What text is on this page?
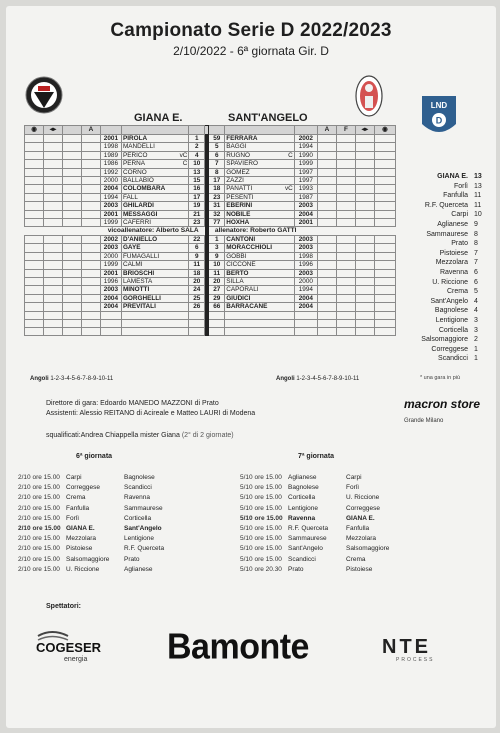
Campionato Serie D 2022/2023
2/10/2022 - 6ª giornata Gir. D
LND
D
GIANA E.	SANT'ANGELO
◉	◂▸		A								A	F	◂▸	◉
				2001	PIROLA	1		59	FERRARA	2002				
				1998	MANDELLI	2		5	BAGGI	1994				
				1989	PERICO vC	4		6	RUGNO C	1990				
				1986	PERNA C	10		7	SPAVIERO	1999				
				1992	CORNO	13		8	GOMEZ	1997				
				2000	BALLABIO	15		17	ZAZZI	1997				
				2004	COLOMBARA	16		18	PANATTI vC	1993				
				1994	FALL	17		23	PESENTI	1987				
				2003	GHILARDI	19		31	EBERINI	2003				
				2001	MESSAGGI	21		32	NOBILE	2004				
				1999	CAFERRI	23		77	HOXHA	2001				
vicoallenatore: Alberto SALA								allenatore: Roberto GATTI						
				2002	D'ANIELLO	22		1	CANTONI	2003				
				2003	GAYE	6		3	MORACCHIOLI	2003				
				2000	FUMAGALLI	9		9	GOBBI	1998				
				1999	CALMI	11		10	CICCONE	1996				
				2001	BRIOSCHI	18		11	BERTO	2003				
				1996	LAMESTA	20		20	SILLA	2000				
				2003	MINOTTI	24		27	CAPORALI	1994				
				2004	GORGHELLI	25		29	GIUDICI	2004				
				2004	PREVITALI	26		66	BARRACANE	2004				

GIANA E. 13
Forlì 13
Fanfulla 11
R.F. Querceta 11
Carpi 10
Aglianese 9
Sammaurese 8
Prato 8
Pistoiese 7
Mezzolara 7
Ravenna 6
U. Riccione 6
Crema 5
Sant'Angelo 4
Bagnolese 4
Lentigione 3
Corticella 3
Salsomaggiore 2
Correggese 1
Scandicci 1
* una gara in più
Angoli 1-2-3-4-5-6-7-8-9-10-11	Angoli 1-2-3-4-5-6-7-8-9-10-11
Direttore di gara: Edoardo MANEDO MAZZONI di Prato
Assistenti: Alessio REITANO di Acireale e Matteo LAURI di Modena
macron store Grande Milano
squalificati:Andrea Chiappella mister Giana (2° di 2 giornate)
6ª giornata	7ª giornata
2/10 ore 15.00 Carpi	Bagnolese
2/10 ore 15.00 Correggese	Scandicci
2/10 ore 15.00 Crema	Ravenna
2/10 ore 15.00 Fanfulla	Sammaurese
2/10 ore 15.00 Forlì	Corticella
2/10 ore 15.00 GIANA E.	Sant'Angelo
2/10 ore 15.00 Mezzolara	Lentigione
2/10 ore 15.00 Pistoiese	R.F. Querceta
2/10 ore 15.00 Salsomaggiore	Prato
2/10 ore 15.00 U. Riccione	Aglianese
5/10 ore 15.00 Aglianese	Carpi
5/10 ore 15.00 Bagnolese	Forlì
5/10 ore 15.00 Corticella	U. Riccione
5/10 ore 15.00 Lentigione	Correggese
5/10 ore 15.00 Ravenna	GIANA E.
5/10 ore 15.00 R.F. Querceta	Fanfulla
5/10 ore 15.00 Sammaurese	Mezzolara
5/10 ore 15.00 Sant'Angelo	Salsomaggiore
5/10 ore 15.00 Scandicci	Crema
5/10 ore 20.30 Prato	Pistoiese
Spettatori:
COGESER
energia Bamonte	NTE
PROCESS
